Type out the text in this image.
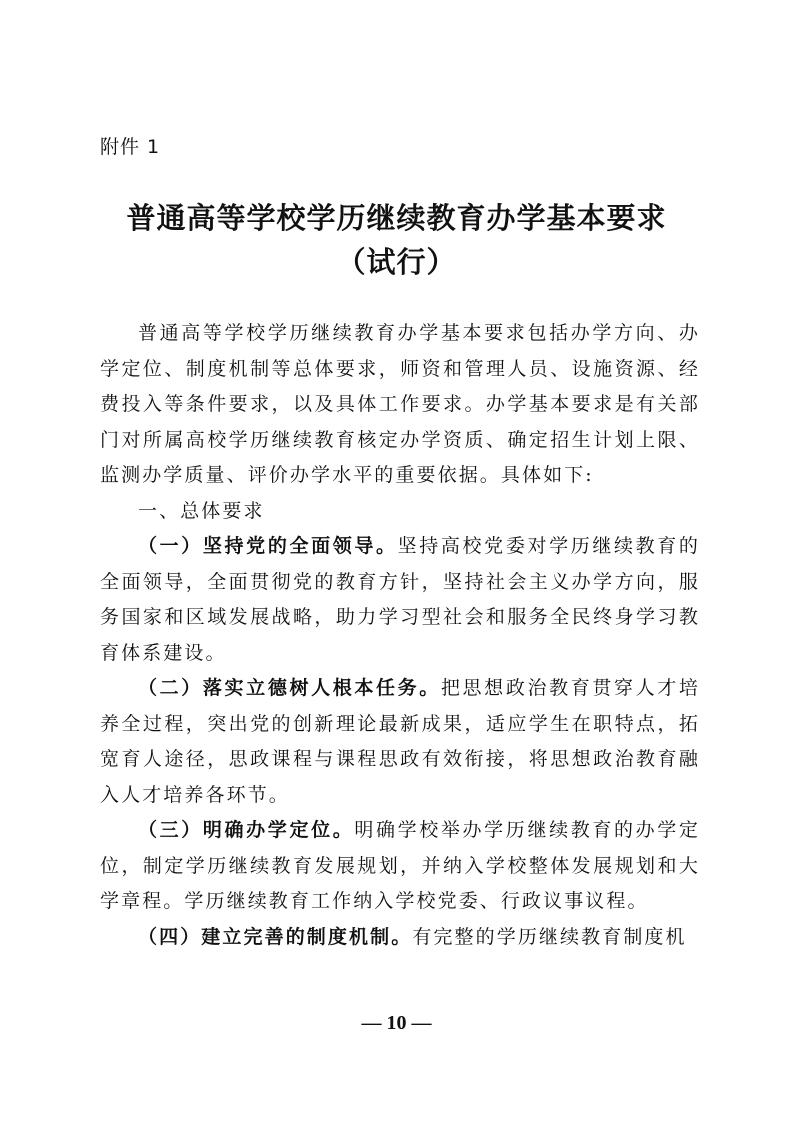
附件 1
普通高等学校学历继续教育办学基本要求
（试行）

普通高等学校学历继续教育办学基本要求包括办学方向、办学定位、制度机制等总体要求，师资和管理人员、设施资源、经费投入等条件要求，以及具体工作要求。办学基本要求是有关部门对所属高校学历继续教育核定办学资质、确定招生计划上限、监测办学质量、评价办学水平的重要依据。具体如下:

一、总体要求

（一）坚持党的全面领导。坚持高校党委对学历继续教育的全面领导，全面贯彻党的教育方针，坚持社会主义办学方向，服务国家和区域发展战略，助力学习型社会和服务全民终身学习教育体系建设。

（二）落实立德树人根本任务。把思想政治教育贯穿人才培养全过程，突出党的创新理论最新成果，适应学生在职特点，拓宽育人途径，思政课程与课程思政有效衔接，将思想政治教育融入人才培养各环节。

（三）明确办学定位。明确学校举办学历继续教育的办学定位，制定学历继续教育发展规划，并纳入学校整体发展规划和大学章程。学历继续教育工作纳入学校党委、行政议事议程。

（四）建立完善的制度机制。有完整的学历继续教育制度机

— 10 —
